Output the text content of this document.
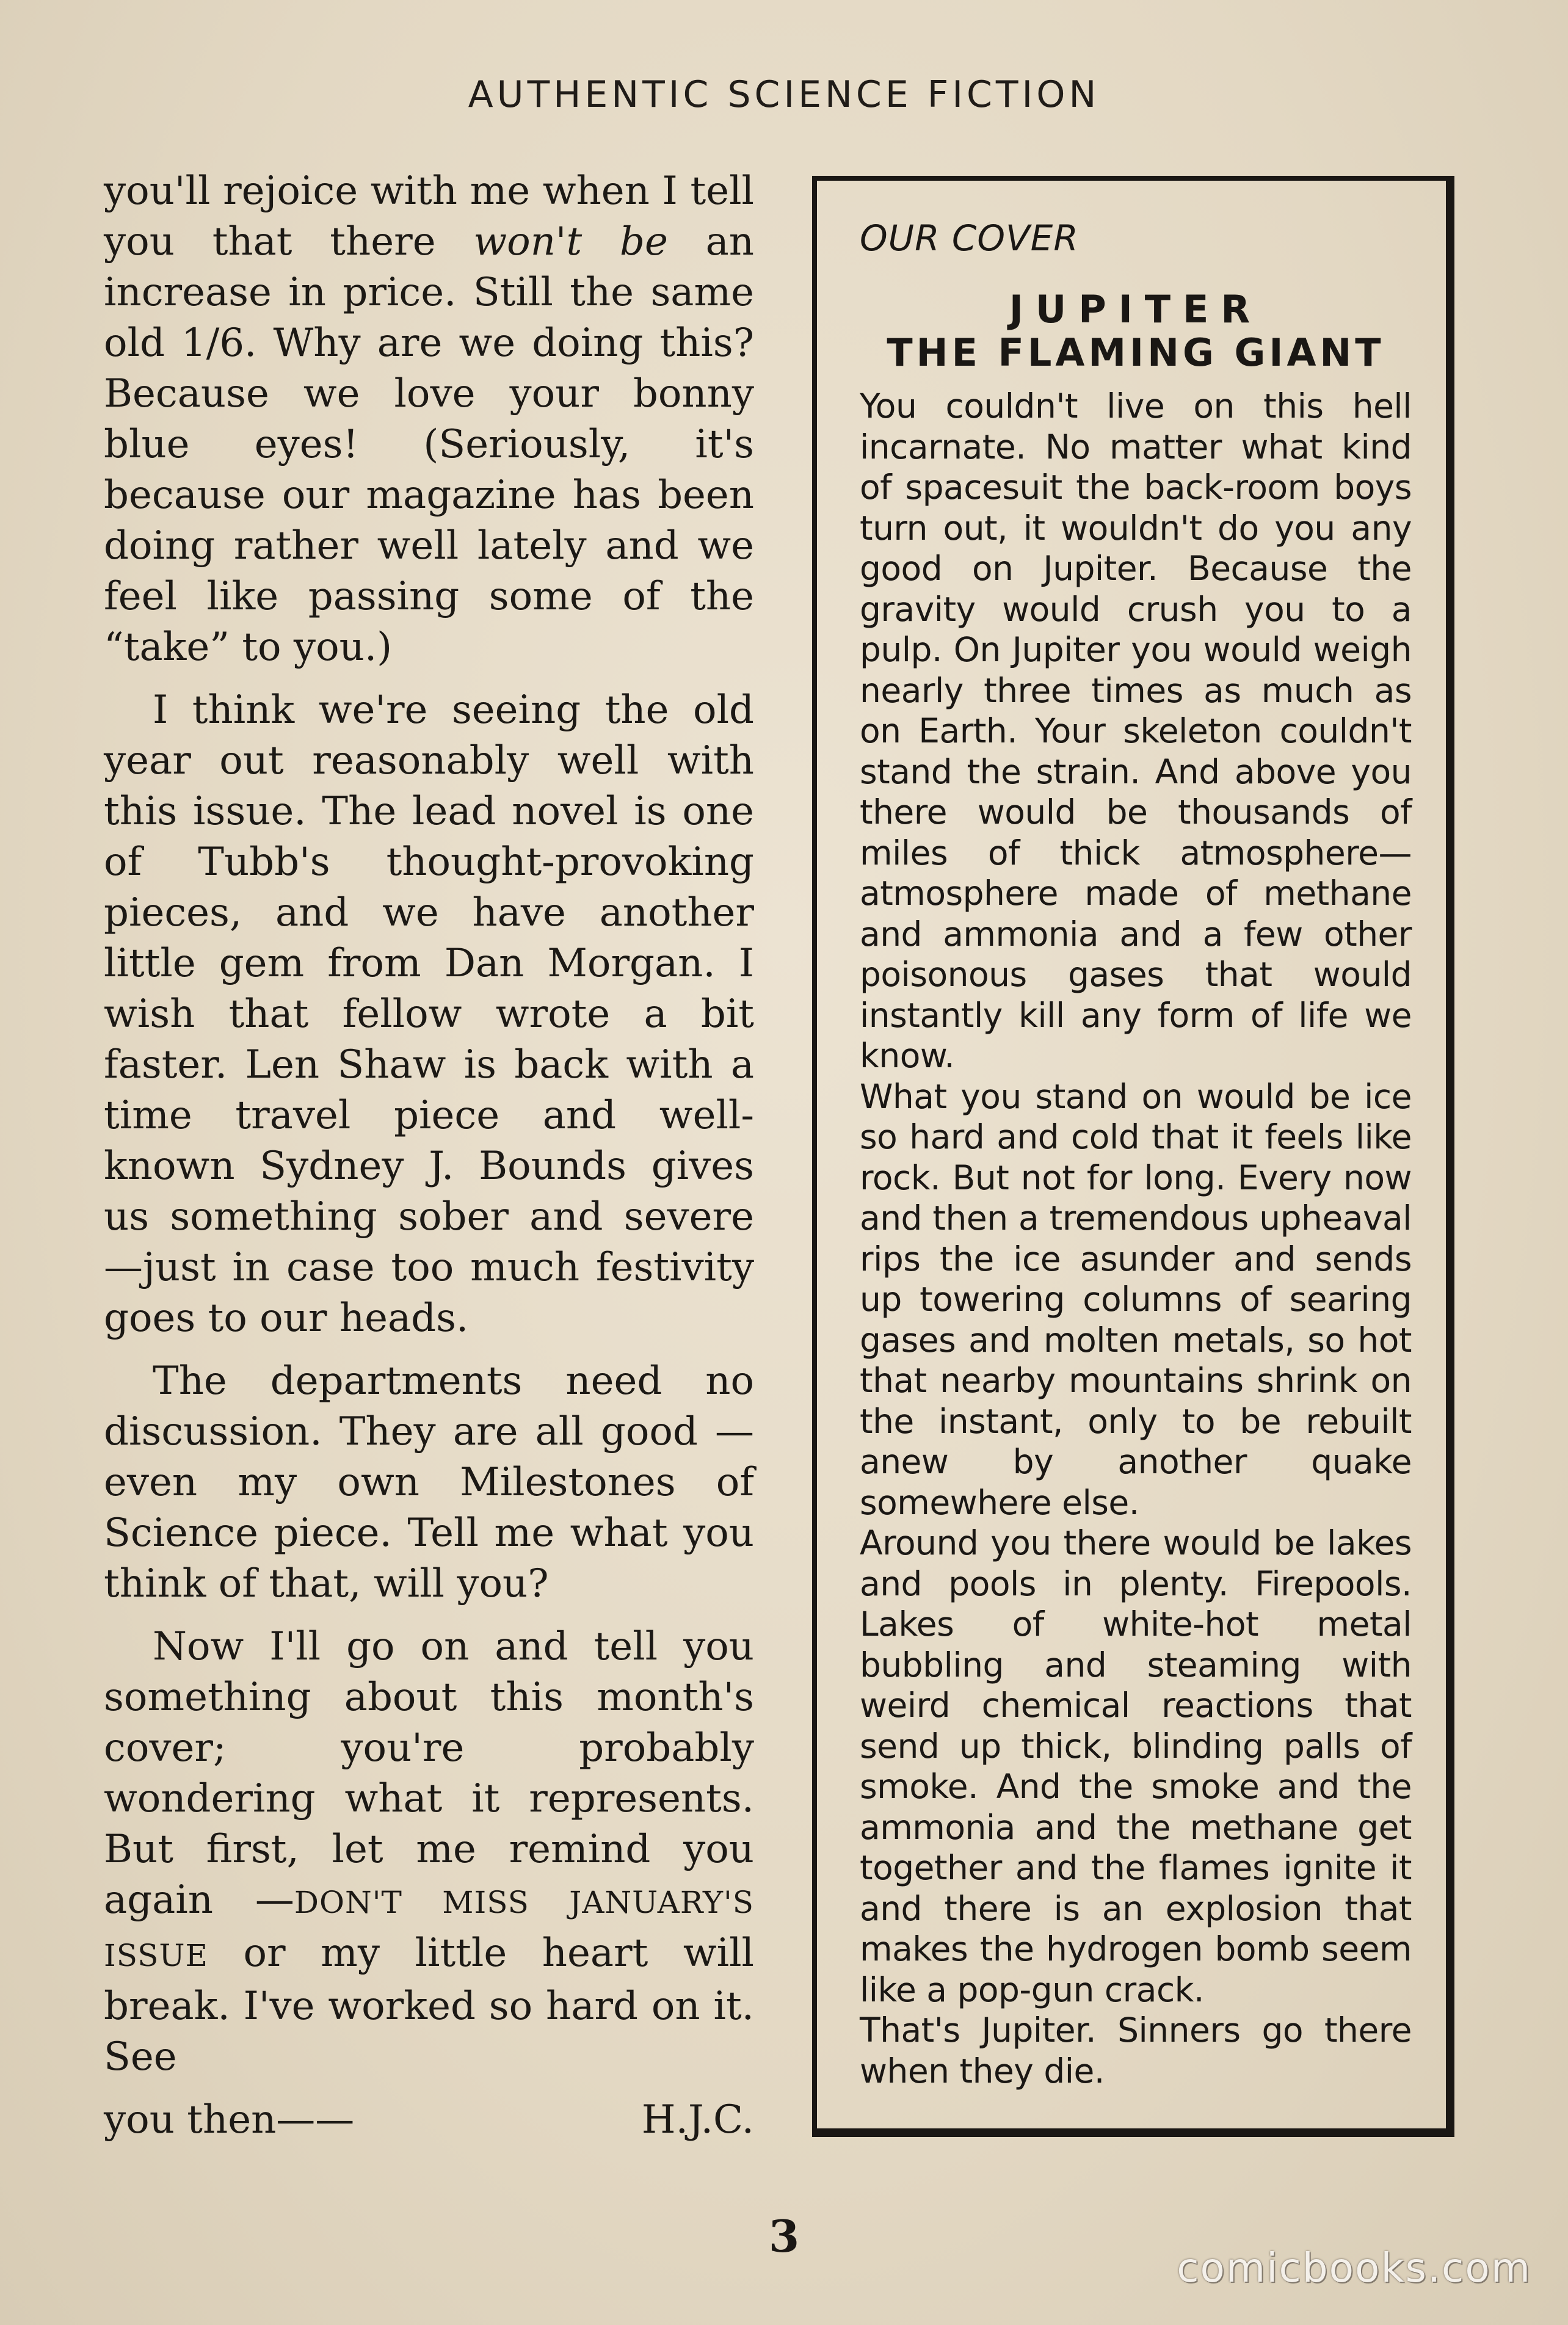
AUTHENTIC SCIENCE FICTION

you'll rejoice with me when I tell you that there won't be an increase in price. Still the same old 1/6. Why are we doing this? Because we love your bonny blue eyes! (Seriously, it's because our magazine has been doing rather well lately and we feel like passing some of the “take” to you.)

I think we're seeing the old year out reasonably well with this issue. The lead novel is one of Tubb's thought-provoking pieces, and we have another little gem from Dan Morgan. I wish that fellow wrote a bit faster. Len Shaw is back with a time travel piece and well-known Sydney J. Bounds gives us something sober and severe—just in case too much festivity goes to our heads.

The departments need no discussion. They are all good —even my own Milestones of Science piece. Tell me what you think of that, will you?

Now I'll go on and tell you something about this month's cover; you're probably wondering what it represents. But first, let me remind you again —DON'T MISS JANUARY'S ISSUE or my little heart will break. I've worked so hard on it. See

you then——	H.J.C.
OUR COVER
JUPITER
THE FLAMING GIANT

You couldn't live on this hell incarnate. No matter what kind of spacesuit the back-room boys turn out, it wouldn't do you any good on Jupiter. Because the gravity would crush you to a pulp. On Jupiter you would weigh nearly three times as much as on Earth. Your skeleton couldn't stand the strain. And above you there would be thousands of miles of thick atmosphere—atmosphere made of methane and ammonia and a few other poisonous gases that would instantly kill any form of life we know.

What you stand on would be ice so hard and cold that it feels like rock. But not for long. Every now and then a tremendous upheaval rips the ice asunder and sends up towering columns of searing gases and molten metals, so hot that nearby mountains shrink on the instant, only to be rebuilt anew by another quake somewhere else.

Around you there would be lakes and pools in plenty. Firepools. Lakes of white-hot metal bubbling and steaming with weird chemical reactions that send up thick, blinding palls of smoke. And the smoke and the ammonia and the methane get together and the flames ignite it and there is an explosion that makes the hydrogen bomb seem like a pop-gun crack.

That's Jupiter. Sinners go there when they die.

3
comicbooks.com
